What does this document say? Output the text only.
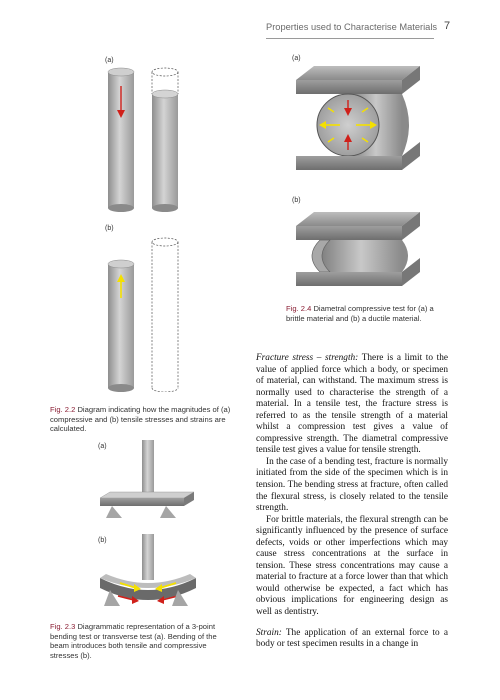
Properties used to Characterise Materials 7
(a)
(b)
Fig. 2.2 Diagram indicating how the magnitudes of (a) compressive and (b) tensile stresses and strains are calculated.
(a)
(b)
Fig. 2.3 Diagrammatic representation of a 3-point bending test or transverse test (a). Bending of the beam introduces both tensile and compressive stresses (b).
(a)
(b)
Fig. 2.4 Diametral compressive test for (a) a brittle material and (b) a ductile material.

Fracture stress – strength: There is a limit to the value of applied force which a body, or specimen of material, can withstand. The maximum stress is normally used to characterise the strength of a material. In a tensile test, the fracture stress is referred to as the tensile strength of a material whilst a compression test gives a value of compressive strength. The diametral compressive tensile test gives a value for tensile strength.

In the case of a bending test, fracture is normally initiated from the side of the specimen which is in tension. The bending stress at fracture, often called the flexural stress, is closely related to the tensile strength.

For brittle materials, the flexural strength can be significantly influenced by the presence of surface defects, voids or other imperfections which may cause stress concentrations at the surface in tension. These stress concentrations may cause a material to fracture at a force lower than that which would otherwise be expected, a fact which has obvious implications for engineering design as well as dentistry.

Strain: The application of an external force to a body or test specimen results in a change in
